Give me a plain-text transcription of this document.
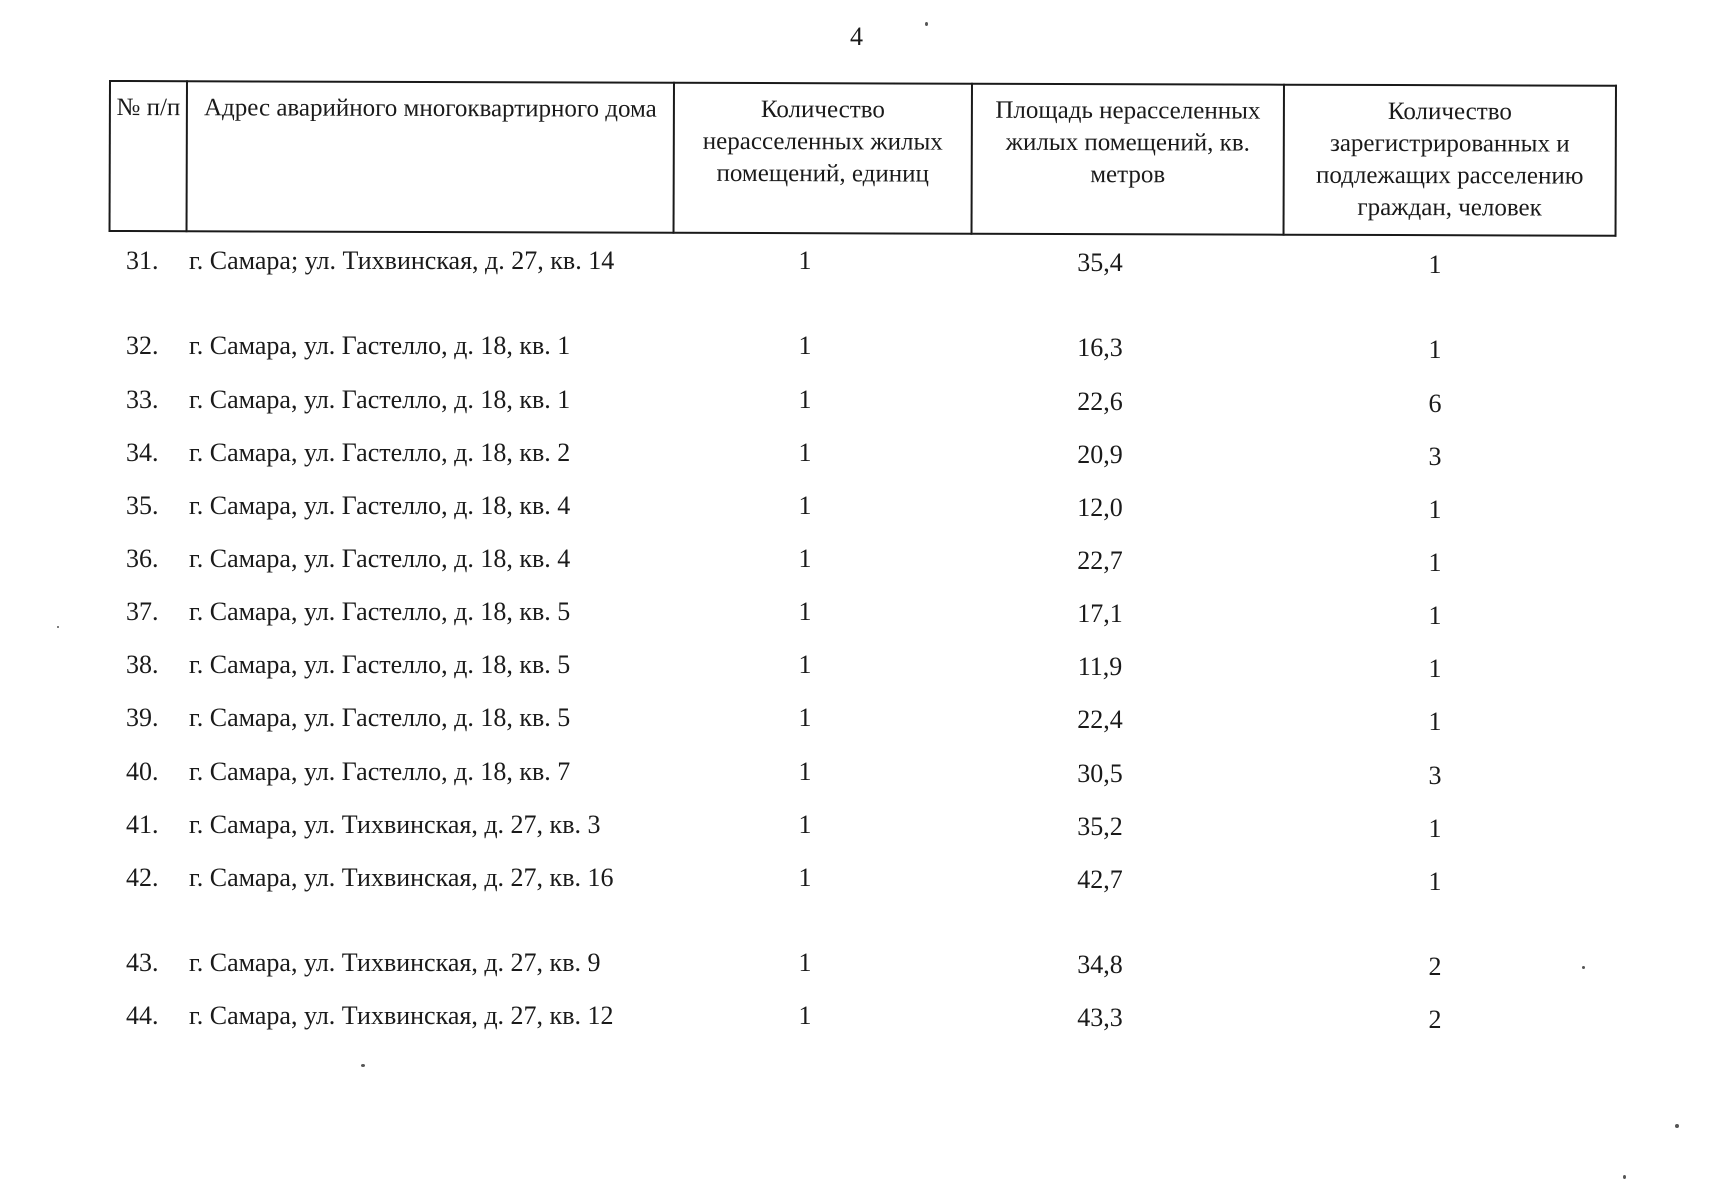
4
№ п/п	Адрес аварийного многоквартирного дома	Количество нерасселенных жилых помещений, единиц	Площадь нерасселенных жилых помещений, кв. метров	Количество зарегистрированных и подлежащих расселению граждан, человек
31. г. Самара; ул. Тихвинская, д. 27, кв. 14	1	35,4	1
32. г. Самара, ул. Гастелло, д. 18, кв. 1	1	16,3	1
33. г. Самара, ул. Гастелло, д. 18, кв. 1	1	22,6	6
34. г. Самара, ул. Гастелло, д. 18, кв. 2	1	20,9	3
35. г. Самара, ул. Гастелло, д. 18, кв. 4	1	12,0	1
36. г. Самара, ул. Гастелло, д. 18, кв. 4	1	22,7	1
37. г. Самара, ул. Гастелло, д. 18, кв. 5	1	17,1	1
38. г. Самара, ул. Гастелло, д. 18, кв. 5	1	11,9	1
39. г. Самара, ул. Гастелло, д. 18, кв. 5	1	22,4	1
40. г. Самара, ул. Гастелло, д. 18, кв. 7	1	30,5	3
41. г. Самара, ул. Тихвинская, д. 27, кв. 3	1	35,2	1
42. г. Самара, ул. Тихвинская, д. 27, кв. 16	1	42,7	1
43. г. Самара, ул. Тихвинская, д. 27, кв. 9	1	34,8	2
44. г. Самара, ул. Тихвинская, д. 27, кв. 12	1	43,3	2
